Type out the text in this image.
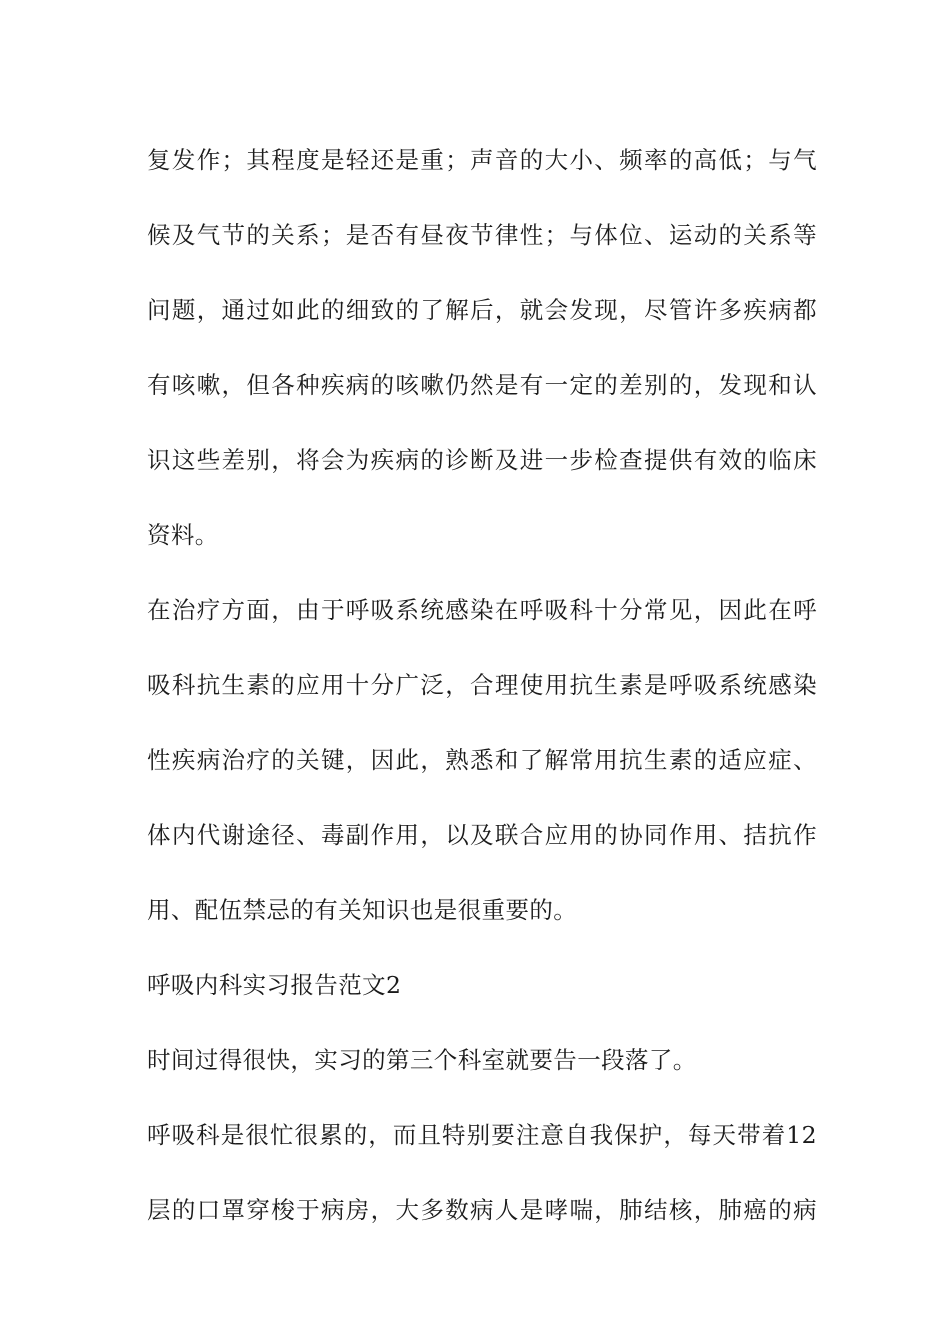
复发作；其程度是轻还是重；声音的大小、频率的高低；与气
候及气节的关系；是否有昼夜节律性；与体位、运动的关系等
问题，通过如此的细致的了解后，就会发现，尽管许多疾病都
有咳嗽，但各种疾病的咳嗽仍然是有一定的差别的，发现和认
识这些差别，将会为疾病的诊断及进一步检查提供有效的临床
资料。
在治疗方面，由于呼吸系统感染在呼吸科十分常见，因此在呼
吸科抗生素的应用十分广泛，合理使用抗生素是呼吸系统感染
性疾病治疗的关键，因此，熟悉和了解常用抗生素的适应症、
体内代谢途径、毒副作用，以及联合应用的协同作用、拮抗作
用、配伍禁忌的有关知识也是很重要的。
呼吸内科实习报告范文2
时间过得很快，实习的第三个科室就要告一段落了。
呼吸科是很忙很累的，而且特别要注意自我保护，每天带着12
层的口罩穿梭于病房，大多数病人是哮喘，肺结核，肺癌的病
